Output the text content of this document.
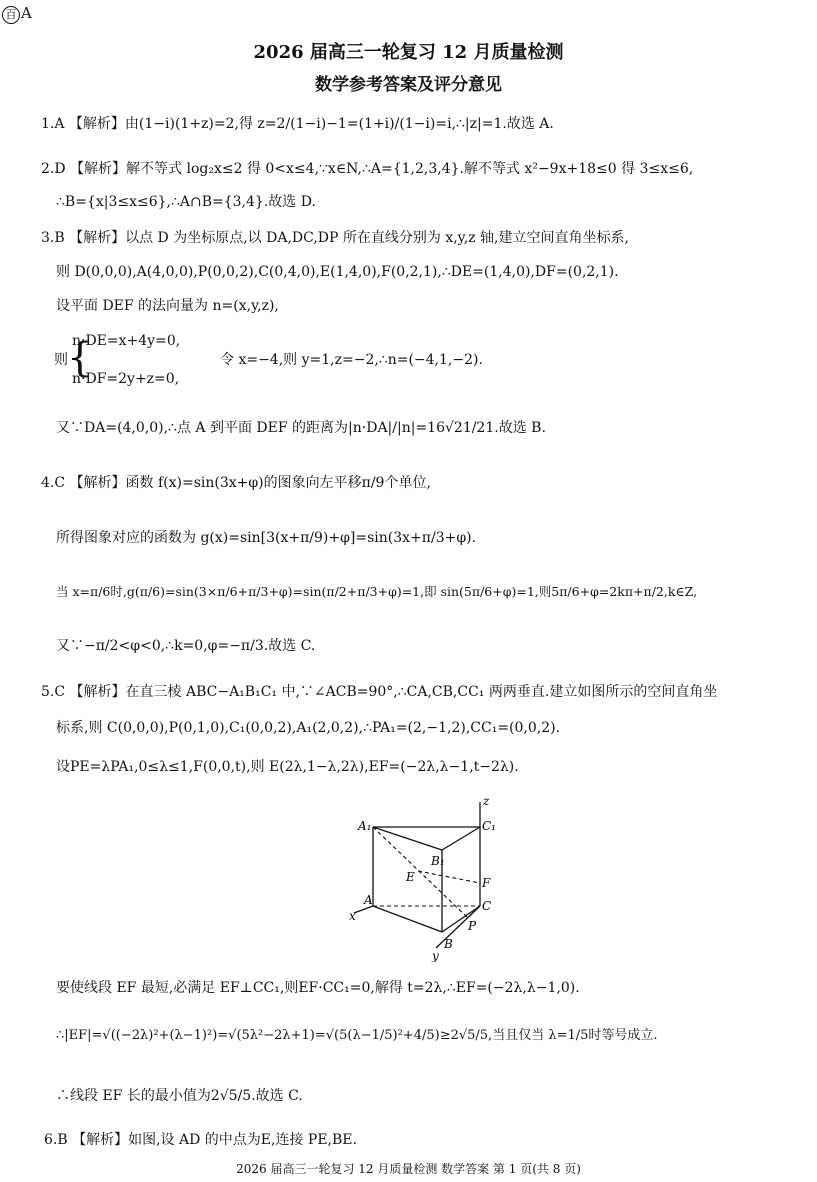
百 A
2026 届高三一轮复习 12 月质量检测
数学参考答案及评分意见
1.A 【解析】由(1−i)(1+z)=2,得 z=2/(1−i)−1=(1+i)/(1−i)=i,∴|z|=1.故选 A.
2.D 【解析】解不等式 log₂x≤2 得 0<x≤4,∵x∈N,∴A={1,2,3,4}.解不等式 x²−9x+18≤0 得 3≤x≤6,
∴B={x|3≤x≤6},∴A∩B={3,4}.故选 D.
3.B 【解析】以点 D 为坐标原点,以 DA,DC,DP 所在直线分别为 x,y,z 轴,建立空间直角坐标系,
则 D(0,0,0),A(4,0,0),P(0,0,2),C(0,4,0),E(1,4,0),F(0,2,1),∴DE=(1,4,0),DF=(0,2,1).
设平面 DEF 的法向量为 n=(x,y,z),
n·DE=x+4y=0,
{
则	令 x=−4,则 y=1,z=−2,∴n=(−4,1,−2).
n·DF=2y+z=0,
又∵DA=(4,0,0),∴点 A 到平面 DEF 的距离为|n·DA|/|n|=16√21/21.故选 B.
4.C 【解析】函数 f(x)=sin(3x+φ)的图象向左平移π/9个单位,
所得图象对应的函数为 g(x)=sin[3(x+π/9)+φ]=sin(3x+π/3+φ).
当 x=π/6时,g(π/6)=sin(3×π/6+π/3+φ)=sin(π/2+π/3+φ)=1,即 sin(5π/6+φ)=1,则5π/6+φ=2kπ+π/2,k∈Z,
又∵−π/2<φ<0,∴k=0,φ=−π/3.故选 C.
5.C 【解析】在直三棱 ABC−A₁B₁C₁ 中,∵∠ACB=90°,∴CA,CB,CC₁ 两两垂直.建立如图所示的空间直角坐
标系,则 C(0,0,0),P(0,1,0),C₁(0,0,2),A₁(2,0,2),∴PA₁=(2,−1,2),CC₁=(0,0,2).
设PE=λPA₁,0≤λ≤1,F(0,0,t),则 E(2λ,1−λ,2λ),EF=(−2λ,λ−1,t−2λ).
A₁	C₁
B₁
E	F
A	C
x
P
B
y
z
要使线段 EF 最短,必满足 EF⊥CC₁,则EF·CC₁=0,解得 t=2λ,∴EF=(−2λ,λ−1,0).
∴|EF|=√((−2λ)²+(λ−1)²)=√(5λ²−2λ+1)=√(5(λ−1/5)²+4/5)≥2√5/5,当且仅当 λ=1/5时等号成立.
∴线段 EF 长的最小值为2√5/5.故选 C.
6.B 【解析】如图,设 AD 的中点为E,连接 PE,BE.
2026 届高三一轮复习 12 月质量检测 数学答案 第 1 页(共 8 页)
